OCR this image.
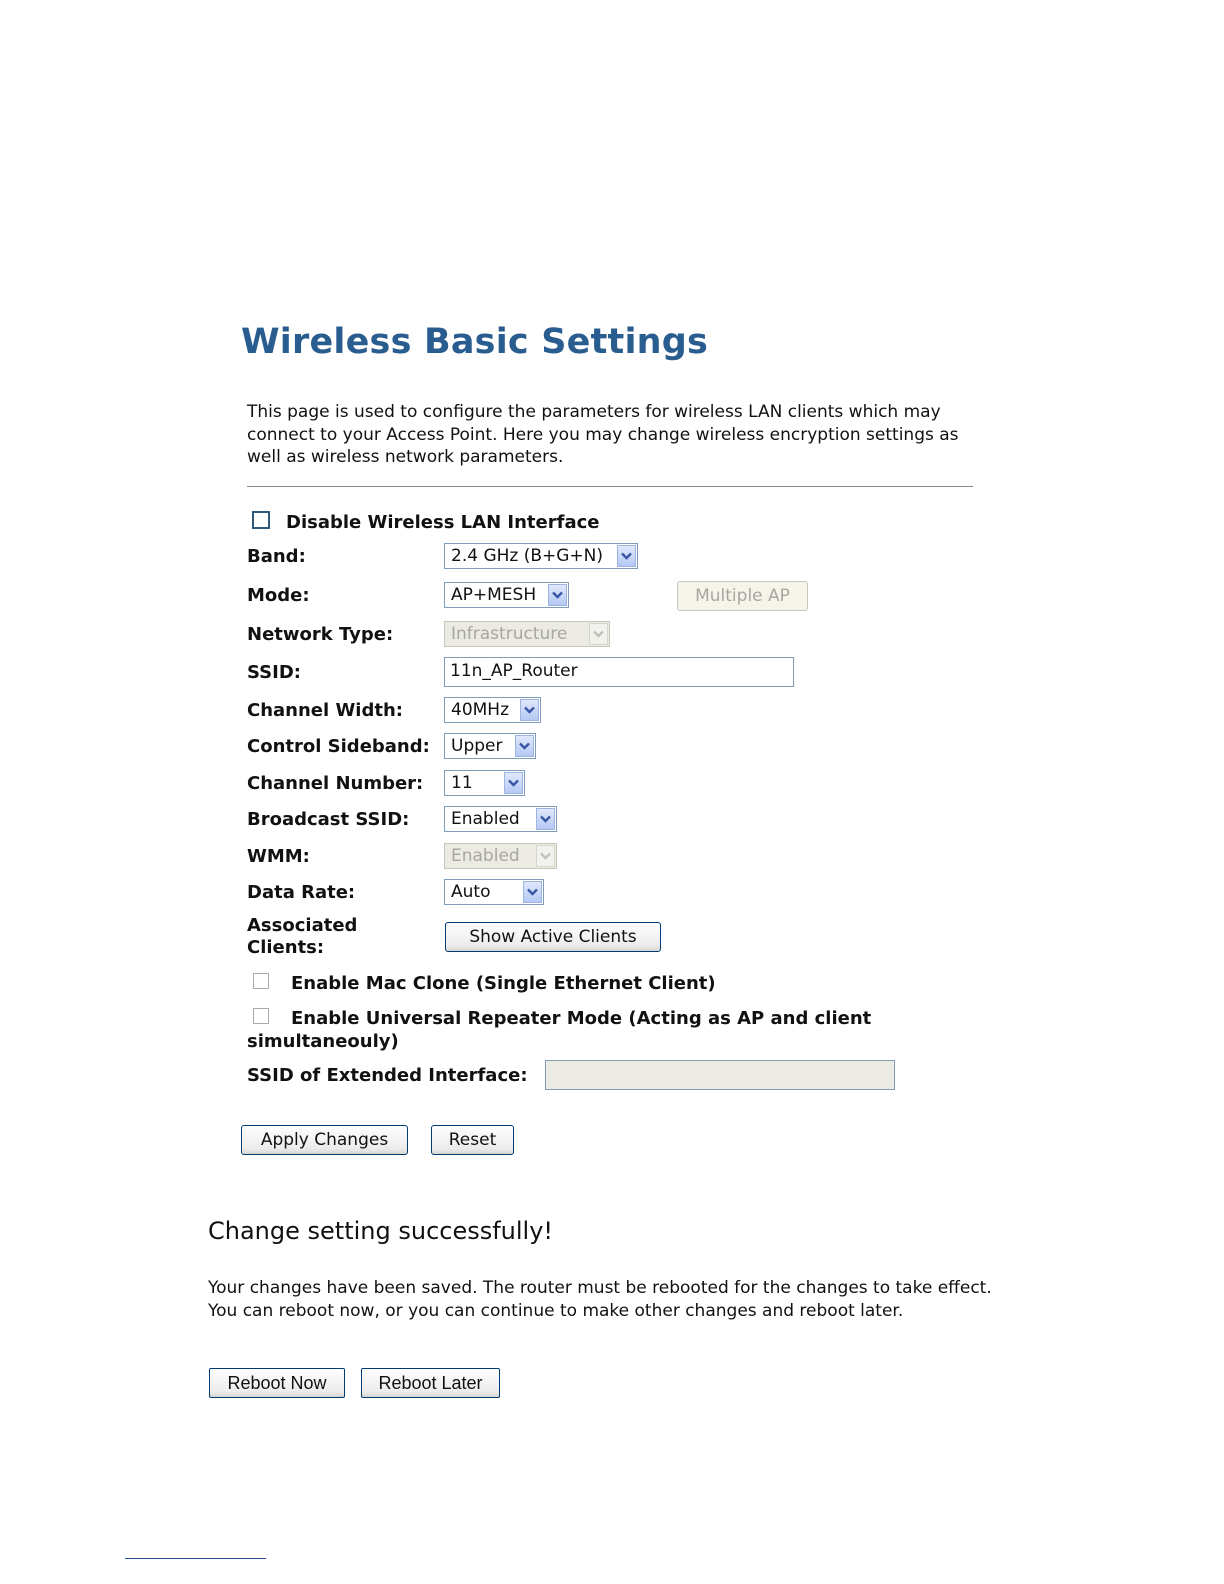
Wireless Basic Settings
This page is used to configure the parameters for wireless LAN clients which may connect to your Access Point. Here you may change wireless encryption settings as well as wireless network parameters.
Disable Wireless LAN Interface
Band:	2.4 GHz (B+G+N)
Mode:	AP+MESH	Multiple AP
Network Type:	Infrastructure
SSID:	11n_AP_Router
Channel Width:	40MHz
Control Sideband: Upper
Channel Number: 11
Broadcast SSID: Enabled
WMM:	Enabled
Data Rate:	Auto
Associated
Clients:	Show Active Clients
Enable Mac Clone (Single Ethernet Client)
Enable Universal Repeater Mode (Acting as AP and client
simultaneouly)
SSID of Extended Interface:
Apply Changes	Reset
Change setting successfully!
Your changes have been saved. The router must be rebooted for the changes to take effect.
You can reboot now, or you can continue to make other changes and reboot later.
Reboot Now	Reboot Later
